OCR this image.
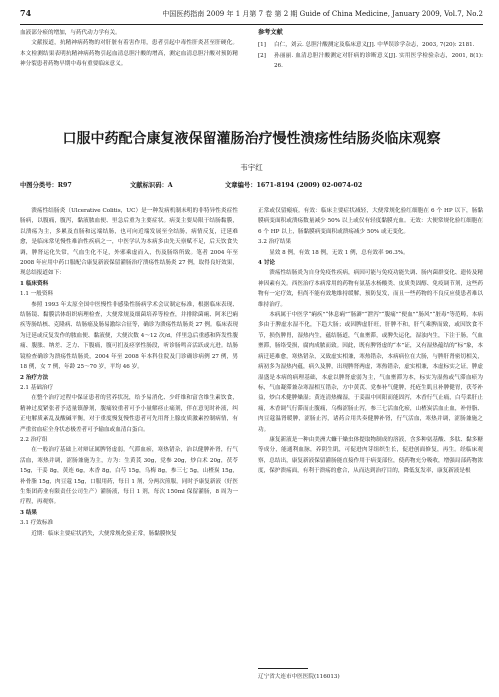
74	中国医药指南 2009 年 1 月第 7 卷 第 2 期 Guide of China Medicine, January 2009, Vol.7, No.2

血液部分瘀的增加，与药代动力学有关。

文献报道，抗精神病药物的对肝脏有着害作用，患者引起中毒性肝炎甚至肝硬化。本文检测结果表明抗精神病药物引起血清总胆汁酸的增高，测定血清总胆汁酸对预防精神分裂患者药物早期中毒有重要临床意义。

参考文献

[1] 白仁，刘云. 总胆汁酸测定及临床意义[J]. 中华误诊学杂志，2003, 7(20): 2181.

[2] 孙丽丽. 血清总胆汁酸测定对肝病的诊断意义[J]. 实用医学检验杂志，2001, 8(1): 26.

口服中药配合康复液保留灌肠治疗慢性溃疡性结肠炎临床观察
韦宇红
中图分类号：R97	文献标识码：A	文章编号：1671-8194 (2009) 02-0074-02

溃疡性结肠炎（Ulcerative Colitis，UC）是一种发病机制未明的非特异性炎症性肠病，以腹痛，腹泻，黏液脓血便、里急后重为主要症状。病变主要局限于结肠黏膜，以溃疡为主，多累及直肠和远端结肠，也可向近端发展至全结肠，病情反复，迁延难愈，是临床常见慢性难治性疾病之一，中医学认为本病多由先天禀赋不足，后天饮食失调，脾肾运化失常，气血生化不足，外邪乘虚而入，伤及肠络所致。笔者 2004 年至 2008 年应用中药口服配合康复新液保留灌肠治疗溃疡性结肠炎 27 例，取得良好效果，现总结报道如下：

1 临床资料

1.1 一般资料

参照 1993 年太原全国中医慢性非感染性肠病学术会议制定标准，根据临床表现、结肠镜、黏膜活体组织病理检查，大便常规及细菌培养等检查，并排除菌痢、阿米巴痢疾等肠结核、克隆病、结肠癌及肠易激综合征等，确诊为溃疡性结肠炎 27 例。临床表现为迁延或反复发作的脓血便、黏液便，大便次数 4～12 次/d，伴里急后重感和阵发性腹痛、腹胀、纳差、乏力、下腹痛，腹可扪及痉挛性肠段，听诊肠鸣音活跃或亢进。结肠镜检查确诊为溃疡性结肠炎，2004 年至 2008 年本科住院及门诊确诊病例 27 例，男 18 例，女 7 例，年龄 25～70 岁，平均 46 岁。

2 治疗方法

2.1 基础治疗

在整个治疗过程中保证患者的营养状况，给予易消化、少纤维和富含维生素饮食，精神过度紧张者予适量镇静剂，腹痛较重者可予小量解痉止痛剂，伴在意见时补液，纠正电解质紊乱及酸碱平衡，对于重度慢复慢性患者可先用肾上腺皮质激素控制病情，有严重贫血症全身状态极差者可予输血或血清白蛋白。

2.2 治疗组

在一般治疗基础上对辩证属脾肾虚弱，气滞血瘀，寒热错杂，治以健脾补肾，行气活血，寒热并调，涩肠兼施为主，方为：生黄芪 30g，党参 20g，炒白术 20g，茯苓 15g，干姜 8g，黄连 6g，木香 8g，白芍 15g，乌梅 8g，参三七 5g，山楂炭 15g，补骨脂 15g，肉豆蔻 15g，口服用药，每日 1 剂，分两次煎服，同时予康复新液（好医生集团药业有限责任公司生产）灌肠液，每日 1 剂，每次 150ml 保留灌肠，8 周为一疗程，再观察。

3 结果

3.1 疗效标准

近期：临床主要症状消失，大便常规化验正常，肠黏膜恢复

正常或仅留瘢痕。有效：临床主要症状减轻，大便常规化验红细胞在 6 个 HP 以下，肠黏膜病变面积或溃疡数量减少 50% 以上或仅有轻度黏膜充血。无效：大便常规化验红细胞在 6 个 HP 以上，肠黏膜病变面积或溃疡减少 50% 或无变化。

3.2 治疗结果

显效 8 例，有效 18 例，无效 1 例，总有效率 96.3%。

4 讨论

溃疡性结肠炎为自身免疫性疾病，病因可能与免疫功能失调、肠内菌群变化、遗传及精神因素有关。西医治疗本病常用的药物有氨基水杨酸类、皮质类固醇、免疫调节剂，这些药物有一定疗效，但尚不能有效地维持缓解，预防复发，而且一些药物的不良反应使患者难以维持治疗。

本病属于中医学“痢疾”“休息痢”“肠澼”“泄泻”“腹痛”“便血”“肠风”“脏毒”等范畴，本病多由于脾虚水湿不化，下趋大肠；或因脾虚肝旺，肝脾不和，肝气乘脾而致，或因饮食不节，损伤脾胃，湿热内生，蕴结肠道，气血壅滞，或脾失运化，湿浊内生，下注于肠，气血壅滞，肠络受损，腐肉成脓而致。因此，既有脾肾虚的“本”证，又有湿热蕴结的“标”象，本病迁延难愈，寒热错杂，又致虚实相兼，寒热错杂，本病病位在大肠，与脾肝肾密切相关，病初多为湿热内蕴，病久及脾，出现脾肾两虚，寒热错杂，虚实相兼，本虚标实之证，脾虚湿盛是本病的病理基础，本虚以脾肾虚弱为主，气血壅滞为本，标实为湿热或气滞血瘀为标，气血凝滞兼杂寒湿相互错杂，方中黄芪、党参补气健脾，托疮生肌且补脾健胃，茯苓补益，炒白术健脾燥湿；黄连清热燥湿，于姜温中回阳而能固泻，木香行气止痛，白芍柔肝止痛，木香调气行滞而止腹痛，乌梅涩肠止泻，参三七活血化瘀，山楂炭活血止血，补骨脂、肉豆蔻温肾暖脾，涩肠止泻，诸药合用共奏健脾补肾，行气活血，寒热并调，涩肠兼施之功。

康复新液是一种由美洲大蠊干燥虫体提取物制成的溶液，含多种氨基酸、多肽、黏多糖等成分，能通利血脉，养阴生肌，可促进肉芽组织生长，促进创面修复，再生。经临床观察，总结出，康复新液保留灌肠能直接作用于病变部位，使药物充分吸收，增强局部药物浓度，保护溃疡面，有利于溃疡的愈合，从而达到治疗目的，降低复发率，康复新液是根

辽宁省大连市中医医院(116013)
